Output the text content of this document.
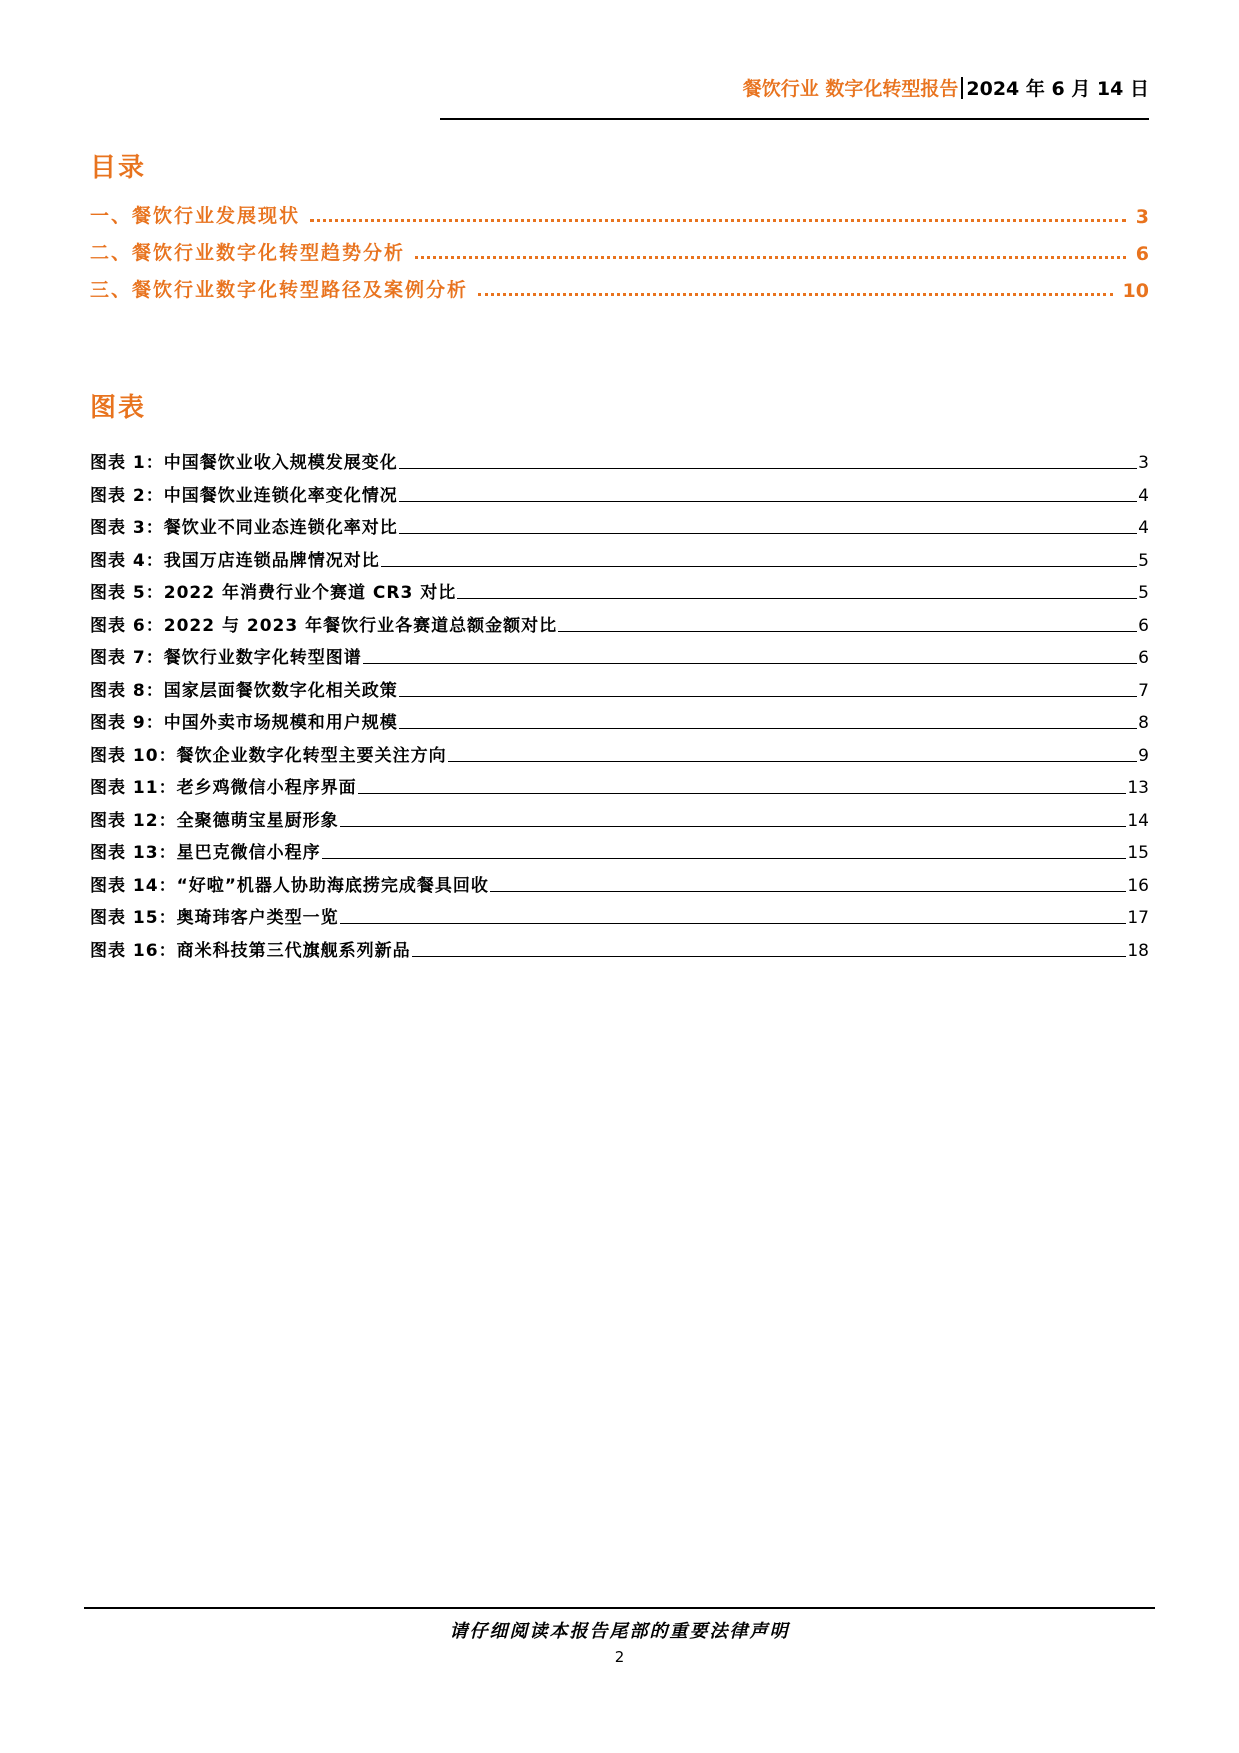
餐饮行业 数字化转型报告 2024 年 6 月 14 日
目录
一、餐饮行业发展现状	3
二、餐饮行业数字化转型趋势分析	6
三、餐饮行业数字化转型路径及案例分析	10
图表
图表 1：中国餐饮业收入规模发展变化	3
图表 2：中国餐饮业连锁化率变化情况	4
图表 3：餐饮业不同业态连锁化率对比	4
图表 4：我国万店连锁品牌情况对比	5
图表 5：2022 年消费行业个赛道 CR3 对比	5
图表 6：2022 与 2023 年餐饮行业各赛道总额金额对比	6
图表 7：餐饮行业数字化转型图谱	6
图表 8：国家层面餐饮数字化相关政策	7
图表 9：中国外卖市场规模和用户规模	8
图表 10：餐饮企业数字化转型主要关注方向	9
图表 11：老乡鸡微信小程序界面	13
图表 12：全聚德萌宝星厨形象	14
图表 13：星巴克微信小程序	15
图表 14：“好啦”机器人协助海底捞完成餐具回收	16
图表 15：奥琦玮客户类型一览	17
图表 16：商米科技第三代旗舰系列新品	18
请仔细阅读本报告尾部的重要法律声明
2
